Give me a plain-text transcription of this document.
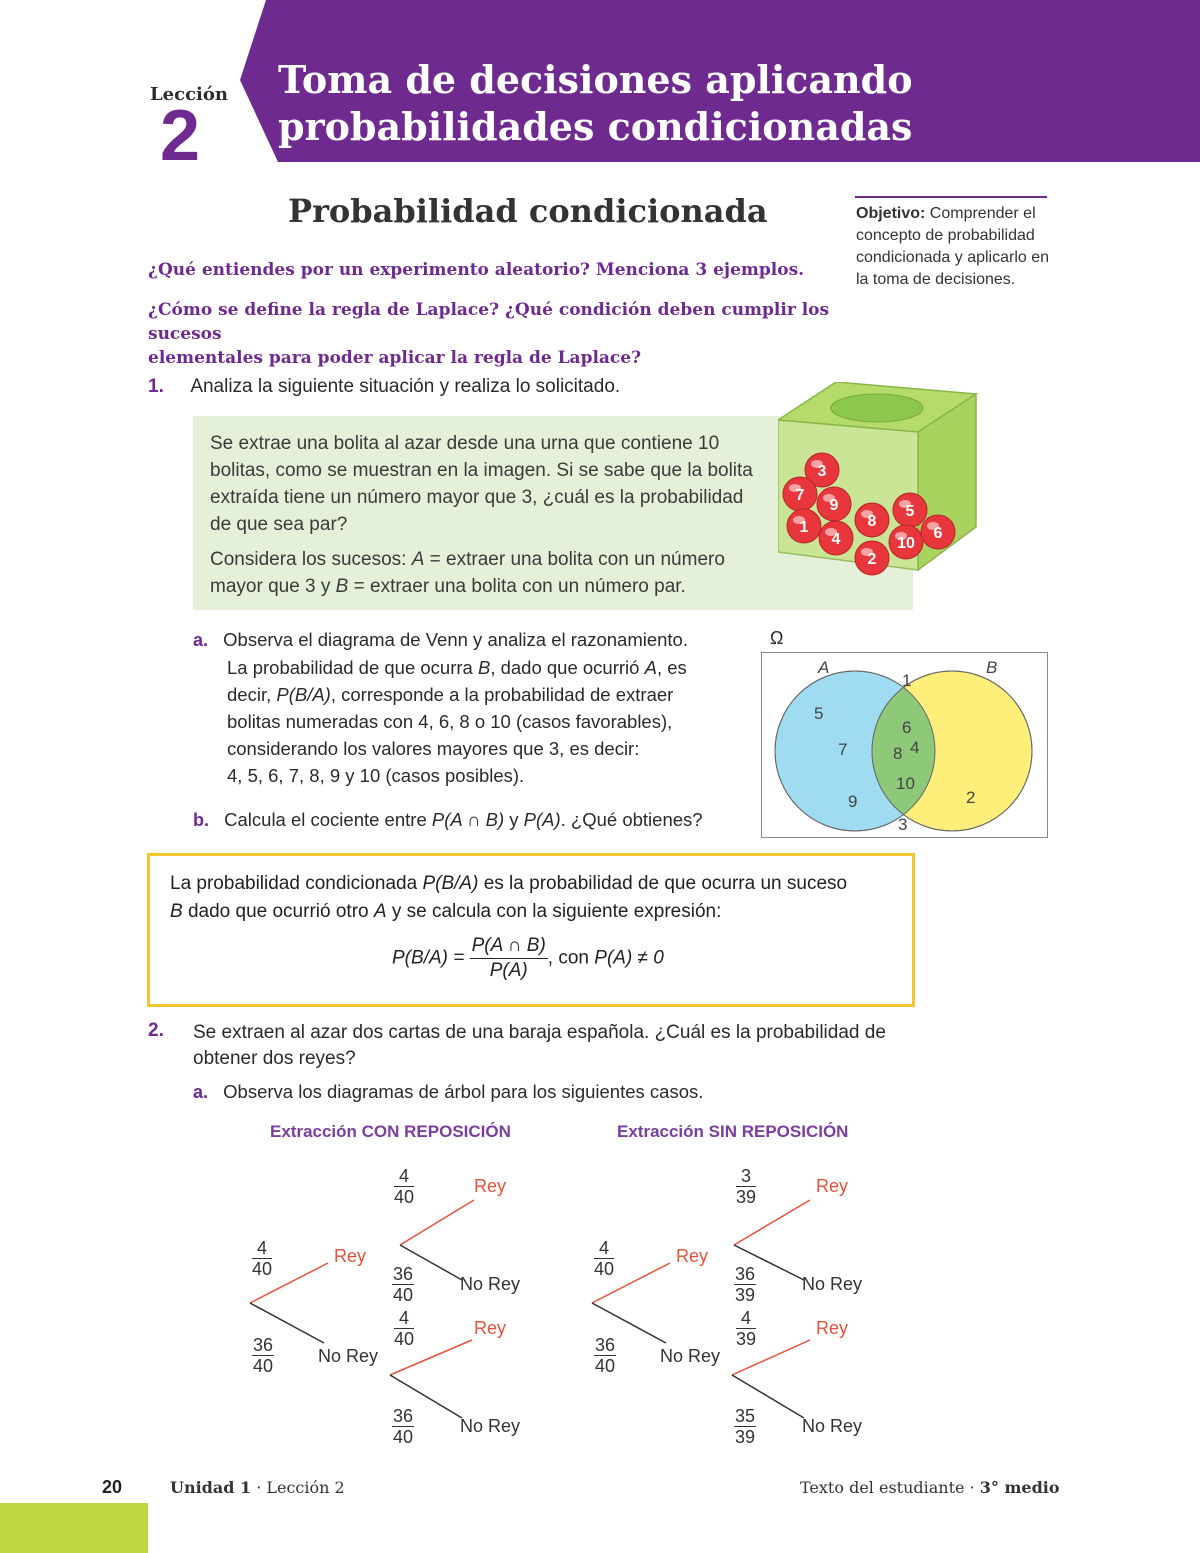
Lección
2
Toma de decisiones aplicando
probabilidades condicionadas
Probabilidad condicionada	Objetivo: Comprender el concepto de probabilidad condicionada y aplicarlo en la toma de decisiones.
¿Qué entiendes por un experimento aleatorio? Menciona 3 ejemplos.
¿Cómo se define la regla de Laplace? ¿Qué condición deben cumplir los sucesos
elementales para poder aplicar la regla de Laplace?
1. Analiza la siguiente situación y realiza lo solicitado.
Se extrae una bolita al azar desde una urna que contiene 10 bolitas, como se muestran en la imagen. Si se sabe que la bolita extraída tiene un número mayor que 3, ¿cuál es la probabilidad de que sea par?
Considera los sucesos: A = extraer una bolita con un número mayor que 3 y B = extraer una bolita con un número par.
3
7
9
1
4
8
5
2
10
6
a. Observa el diagrama de Venn y analiza el razonamiento.
La probabilidad de que ocurra B, dado que ocurrió A, es
decir, P(B/A), corresponde a la probabilidad de extraer
bolitas numeradas con 4, 6, 8 o 10 (casos favorables),
considerando los valores mayores que 3, es decir:
4, 5, 6, 7, 8, 9 y 10 (casos posibles).
b. Calcula el cociente entre P(A ∩ B) y P(A). ¿Qué obtienes?
Ω
A	B
5
7
9
6
8 4
10
2
1
3
La probabilidad condicionada P(B/A) es la probabilidad de que ocurra un suceso
B dado que ocurrió otro A y se calcula con la siguiente expresión:
$P(B/A) = \frac{P(A \cap B)}{P(A)}$ , con P(A) ≠ 0
2. Se extraen al azar dos cartas de una baraja española. ¿Cuál es la probabilidad de
obtener dos reyes?
a. Observa los diagramas de árbol para los siguientes casos.
Extracción CON REPOSICIÓN
$\frac{4}{40}$	Rey
$\frac{36}{40}$ No Rey
$\frac{4}{40}$	Rey
$\frac{36}{40}$	No Rey
$\frac{4}{40}$	Rey
$\frac{36}{40}$	No Rey
Extracción SIN REPOSICIÓN
$\frac{4}{40}$	Rey
$\frac{36}{40}$ No Rey
$\frac{3}{39}$	Rey
$\frac{36}{39}$	No Rey
$\frac{4}{39}$	Rey
$\frac{35}{39}$	No Rey
20	Unidad 1 · Lección 2	Texto del estudiante · 3° medio
